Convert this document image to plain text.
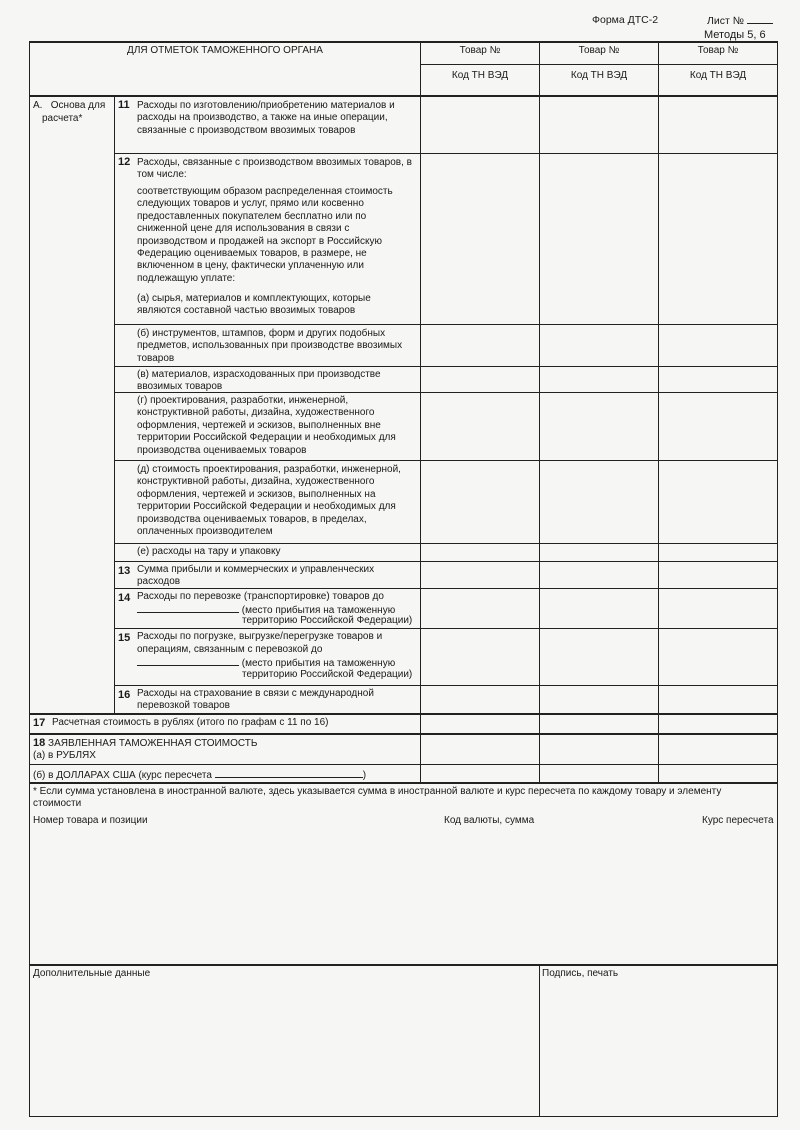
Форма ДТС-2	Лист №
Методы 5, 6
ДЛЯ ОТМЕТОК ТАМОЖЕННОГО ОРГАНА	Товар №	Товар №	Товар №
Код ТН ВЭД	Код ТН ВЭД	Код ТН ВЭД
А.   Основа для
расчета*
11 Расходы по изготовлению/приобретению материалов и расходы на производство, а также на иные операции, связанные с производством ввозимых товаров
12 Расходы, связанные с производством ввозимых товаров, в том числе:
соответствующим образом распределенная стоимость следующих товаров и услуг, прямо или косвенно предоставленных покупателем бесплатно или по сниженной цене для использования в связи с производством и продажей на экспорт в Российскую Федерацию оцениваемых товаров, в размере, не включенном в цену, фактически уплаченную или подлежащую уплате:
(а) сырья, материалов и комплектующих, которые являются составной частью ввозимых товаров
(б) инструментов, штампов, форм и других подобных предметов, использованных при производстве ввозимых товаров
(в) материалов, израсходованных при производстве ввозимых товаров
(г) проектирования, разработки, инженерной, конструктивной работы, дизайна, художественного оформления, чертежей и эскизов, выполненных вне территории Российской Федерации и необходимых для производства оцениваемых товаров
(д) стоимость проектирования, разработки, инженерной, конструктивной работы, дизайна, художественного оформления, чертежей и эскизов, выполненных на территории Российской Федерации и необходимых для производства оцениваемых товаров, в пределах, оплаченных производителем
(е) расходы на тару и упаковку
13 Сумма прибыли и коммерческих и управленческих расходов
14 Расходы по перевозке (транспортировке) товаров до
(место прибытия на таможенную
территорию Российской Федерации)
15 Расходы по погрузке, выгрузке/перегрузке товаров и
операциям, связанным с перевозкой до
(место прибытия на таможенную
территорию Российской Федерации)
16 Расходы на страхование в связи с международной перевозкой товаров
17 Расчетная стоимость в рублях (итого по графам с 11 по 16)
18 ЗАЯВЛЕННАЯ ТАМОЖЕННАЯ СТОИМОСТЬ
(а) в РУБЛЯХ
(б) в ДОЛЛАРАХ США (курс пересчета	)
* Если сумма установлена в иностранной валюте, здесь указывается сумма в иностранной валюте и курс пересчета по каждому товару и элементу стоимости
Номер товара и позиции	Код валюты, сумма	Курс пересчета
Дополнительные данные	Подпись, печать
